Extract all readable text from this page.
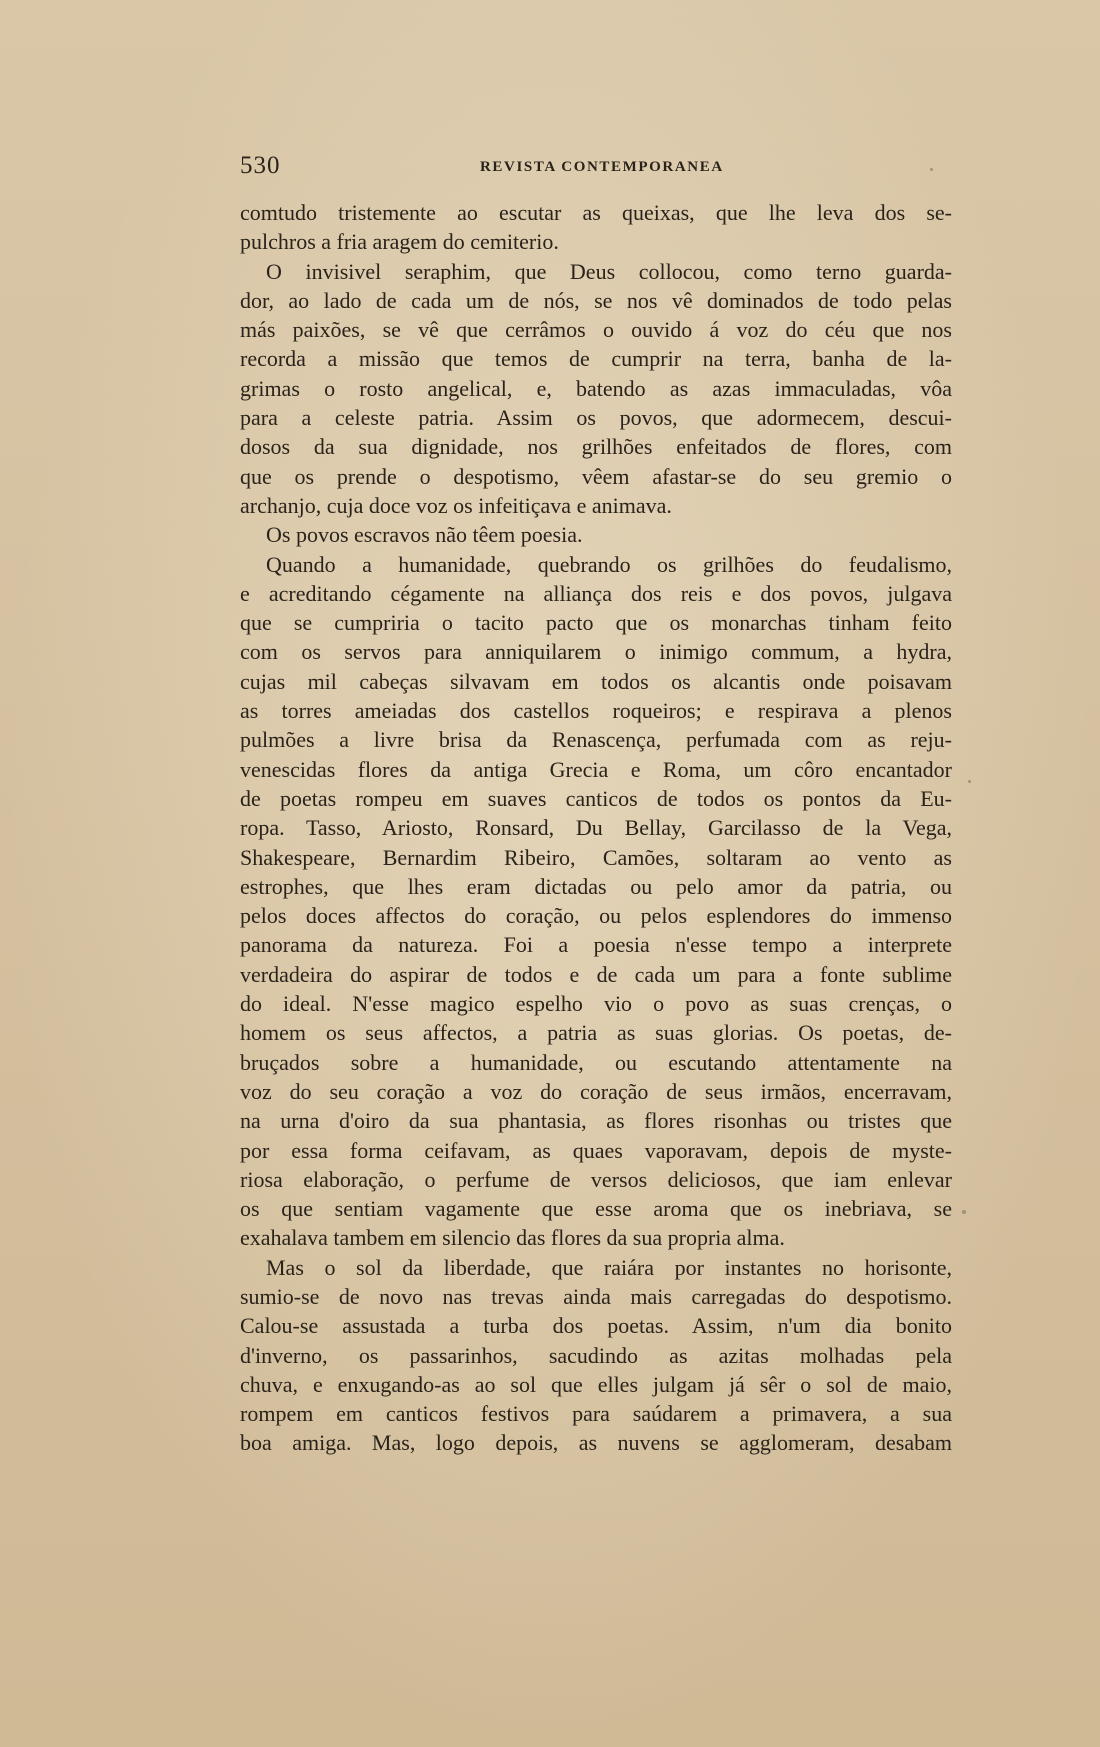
530	REVISTA CONTEMPORANEA
comtudo tristemente ao escutar as queixas, que lhe leva dos se-
pulchros a fria aragem do cemiterio.
O invisivel seraphim, que Deus collocou, como terno guarda-
dor, ao lado de cada um de nós, se nos vê dominados de todo pelas
más paixões, se vê que cerrâmos o ouvido á voz do céu que nos
recorda a missão que temos de cumprir na terra, banha de la-
grimas o rosto angelical, e, batendo as azas immaculadas, vôa
para a celeste patria. Assim os povos, que adormecem, descui-
dosos da sua dignidade, nos grilhões enfeitados de flores, com
que os prende o despotismo, vêem afastar-se do seu gremio o
archanjo, cuja doce voz os infeitiçava e animava.
Os povos escravos não têem poesia.
Quando a humanidade, quebrando os grilhões do feudalismo,
e acreditando cégamente na alliança dos reis e dos povos, julgava
que se cumpriria o tacito pacto que os monarchas tinham feito
com os servos para anniquilarem o inimigo commum, a hydra,
cujas mil cabeças silvavam em todos os alcantis onde poisavam
as torres ameiadas dos castellos roqueiros; e respirava a plenos
pulmões a livre brisa da Renascença, perfumada com as reju-
venescidas flores da antiga Grecia e Roma, um côro encantador
de poetas rompeu em suaves canticos de todos os pontos da Eu-
ropa. Tasso, Ariosto, Ronsard, Du Bellay, Garcilasso de la Vega,
Shakespeare, Bernardim Ribeiro, Camões, soltaram ao vento as
estrophes, que lhes eram dictadas ou pelo amor da patria, ou
pelos doces affectos do coração, ou pelos esplendores do immenso
panorama da natureza. Foi a poesia n'esse tempo a interprete
verdadeira do aspirar de todos e de cada um para a fonte sublime
do ideal. N'esse magico espelho vio o povo as suas crenças, o
homem os seus affectos, a patria as suas glorias. Os poetas, de-
bruçados sobre a humanidade, ou escutando attentamente na
voz do seu coração a voz do coração de seus irmãos, encerravam,
na urna d'oiro da sua phantasia, as flores risonhas ou tristes que
por essa forma ceifavam, as quaes vaporavam, depois de myste-
riosa elaboração, o perfume de versos deliciosos, que iam enlevar
os que sentiam vagamente que esse aroma que os inebriava, se
exahalava tambem em silencio das flores da sua propria alma.
Mas o sol da liberdade, que raiára por instantes no horisonte,
sumio-se de novo nas trevas ainda mais carregadas do despotismo.
Calou-se assustada a turba dos poetas. Assim, n'um dia bonito
d'inverno, os passarinhos, sacudindo as azitas molhadas pela
chuva, e enxugando-as ao sol que elles julgam já sêr o sol de maio,
rompem em canticos festivos para saúdarem a primavera, a sua
boa amiga. Mas, logo depois, as nuvens se agglomeram, desabam
